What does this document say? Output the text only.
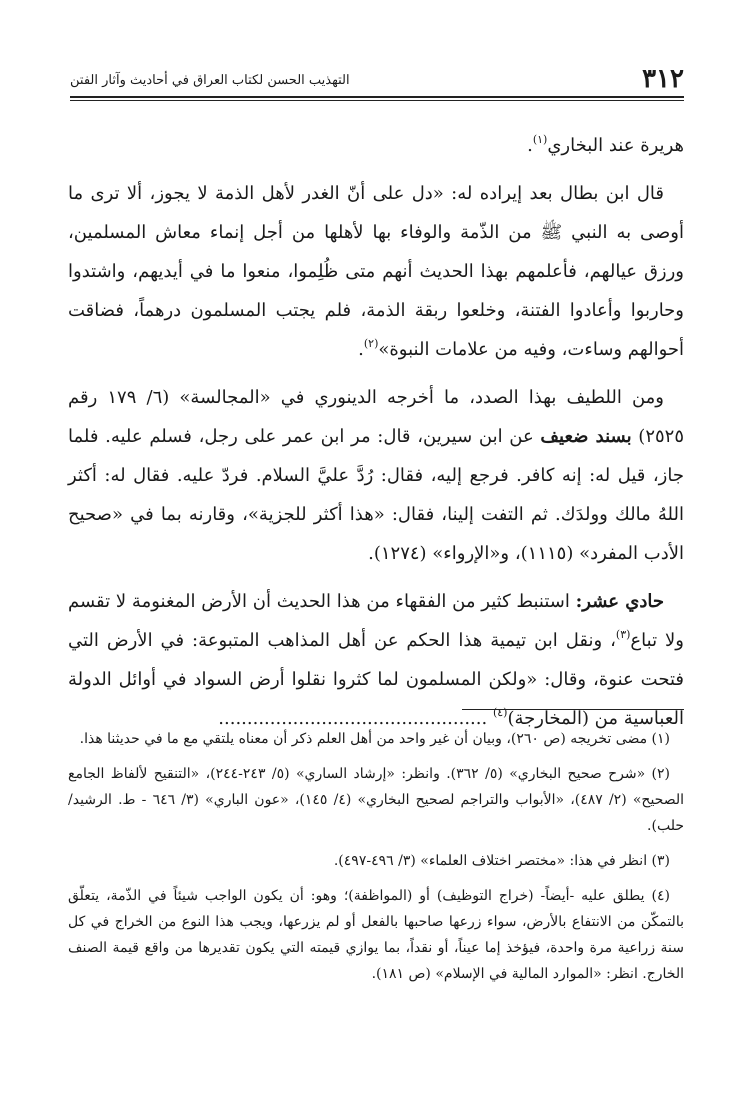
٣١٢
التهذيب الحسن لكتاب العراق في أحاديث وآثار الفتن

هريرة عند البخاري$^{(١)}$.

قال ابن بطال بعد إيراده له: «دل على أنّ الغدر لأهل الذمة لا يجوز، ألا ترى ما أوصى به النبي ﷺ من الذّمة والوفاء بها لأهلها من أجل إنماء معاش المسلمين، ورزق عيالهم، فأعلمهم بهذا الحديث أنهم متى ظُلِموا، منعوا ما في أيديهم، واشتدوا وحاربوا وأعادوا الفتنة، وخلعوا ربقة الذمة، فلم يجتب المسلمون درهماً، فضاقت أحوالهم وساءت، وفيه من علامات النبوة»$^{(٢)}$.

ومن اللطيف بهذا الصدد، ما أخرجه الدينوري في «المجالسة» (٦/ ١٧٩ رقم ٢٥٢٥) بسند ضعيف عن ابن سيرين، قال: مر ابن عمر على رجل، فسلم عليه. فلما جاز، قيل له: إنه كافر. فرجع إليه، فقال: رُدَّ عليَّ السلام. فردّ عليه. فقال له: أكثر اللهُ مالك وولدَك. ثم التفت إلينا، فقال: «هذا أكثر للجزية»، وقارنه بما في «صحيح الأدب المفرد» (١١١٥)، و«الإرواء» (١٢٧٤).

حادي عشر: استنبط كثير من الفقهاء من هذا الحديث أن الأرض المغنومة لا تقسم ولا تباع$^{(٣)}$، ونقل ابن تيمية هذا الحكم عن أهل المذاهب المتبوعة: في الأرض التي فتحت عنوة، وقال: «ولكن المسلمون لما كثروا نقلوا أرض السواد في أوائل الدولة العباسية من (المخارجة)$^{(٤)}$ ...............................................

(١) مضى تخريجه (ص ٢٦٠)، وبيان أن غير واحد من أهل العلم ذكر أن معناه يلتقي مع ما في حديثنا هذا.

(٢) «شرح صحيح البخاري» (٥/ ٣٦٢). وانظر: «إرشاد الساري» (٥/ ٢٤٣-٢٤٤)، «التنقيح لألفاظ الجامع الصحيح» (٢/ ٤٨٧)، «الأبواب والتراجم لصحيح البخاري» (٤/ ١٤٥)، «عون الباري» (٣/ ٦٤٦ - ط. الرشيد/ حلب).

(٣) انظر في هذا: «مختصر اختلاف العلماء» (٣/ ٤٩٦-٤٩٧).

(٤) يطلق عليه -أيضاً- (خراج التوظيف) أو (المواظفة)؛ وهو: أن يكون الواجب شيئاً في الذّمة، يتعلّق بالتمكّن من الانتفاع بالأرض، سواء زرعها صاحبها بالفعل أو لم يزرعها، ويجب هذا النوع من الخراج في كل سنة زراعية مرة واحدة، فيؤخذ إما عيناً، أو نقداً، بما يوازي قيمته التي يكون تقديرها من واقع قيمة الصنف الخارج. انظر: «الموارد المالية في الإسلام» (ص ١٨١).
